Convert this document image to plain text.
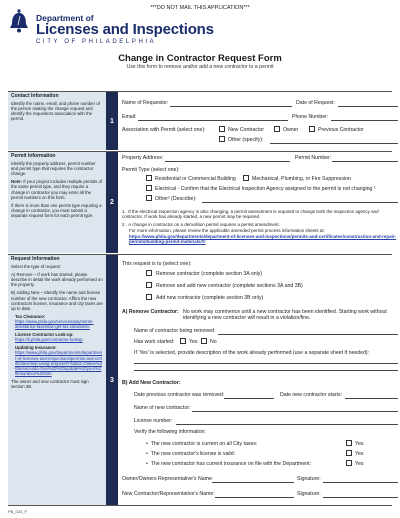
***DO NOT MAIL THIS APPLICATION***
Department of
Licenses and Inspections
CITY OF PHILADELPHIA
Change in Contractor Request Form
Use this form to remove and/or add a new contractor to a permit
Contact Information

Identify the name, email, and phone number of the person making the change request and identify the requestors association with the permit.	1
Name of Requestor:	Date of Request:
Email:	Phone Number:
Association with Permit (select one):	New Contractor	Owner	Previous Contractor
Other (specify):
Permit Information

Identify the property address, permit number and permit type that requires the contractor change.

Note: If your project includes multiple permits of the same permit type, and they require a change in contractor you may enter all the permit numbers on this form.

If there is more than one permit type requiring a change in contractor, you must submit a separate request form for each permit type.

2
Property Address:	Permit Number:
Permit Type (select one):
Residential or Commercial Building	Mechanical, Plumbing, or Fire Suppression
Electrical - Confirm that the Electrical Inspection Agency assigned to the permit is not changing ¹
Other² (Describe):
1.  If the electrical inspection agency is also changing, a permit amendment is required to change both the inspection agency and contractor. If work has already started, a new permit may be required.
2.  A change in contractor on a demolition permit requires a permit amendment.
For more information, please review the applicable amended permit process information sheets at:
https://www.phila.gov/departments/department-of-licenses-and-inspections/permits-and-certificates/construction-and-repair-permits/building-permit-materials/#/
Request Information

Select the type of request:

A) Remove – If work has started, please describe in detail the work already performed on the property.

B) Adding New – Identify the name and license number of the new contractor. Affirm the new contractors license, insurance and city taxes are up to date.

Tax Clearance:
https://www.phila.gov/services/payments-assistance-taxes/tax-get-tax-clearance/

License Contractor Look-up:
https://li.phila.gov/contractor-lookup

Updating Insurance:
https://www.phila.gov/departments/department-of-licenses-and-inspections/permits-and-certificates/help-using-eclipse/#/?tabId=Online%20Services&f=true%20%20update%20your%20insurance%20info

The owner and new contractor must sign section 3B.

3
This request is to (select one):
Remove contractor (complete section 3A only)
Remove and add new contractor (complete sections 3A and 3B)
Add new contractor (complete section 3B only)
A) Remove Contractor: No work may commence until a new contractor has been identified. Starting work without identifying a new contractor will result in a violation/fine.
Name of contractor being removed:
Has work started:	Yes No
If 'Yes' is selected, provide description of the work already performed (use a separate sheet if needed):
B) Add New Contractor:
Date previous contractor was removed:	Date new contractor starts:
Name of new contractor:
License number:
Verify the following information:
•  The new contractor is current on all City taxes:	Yes
•  The new contractor's license is valid:	Yes
•  The new contractor has current insurance on file with the Department:	Yes
Owner/Owners Representative's Name:	Signature:
New Contractor/Representative's Name:	Signature:
PB_023_F
